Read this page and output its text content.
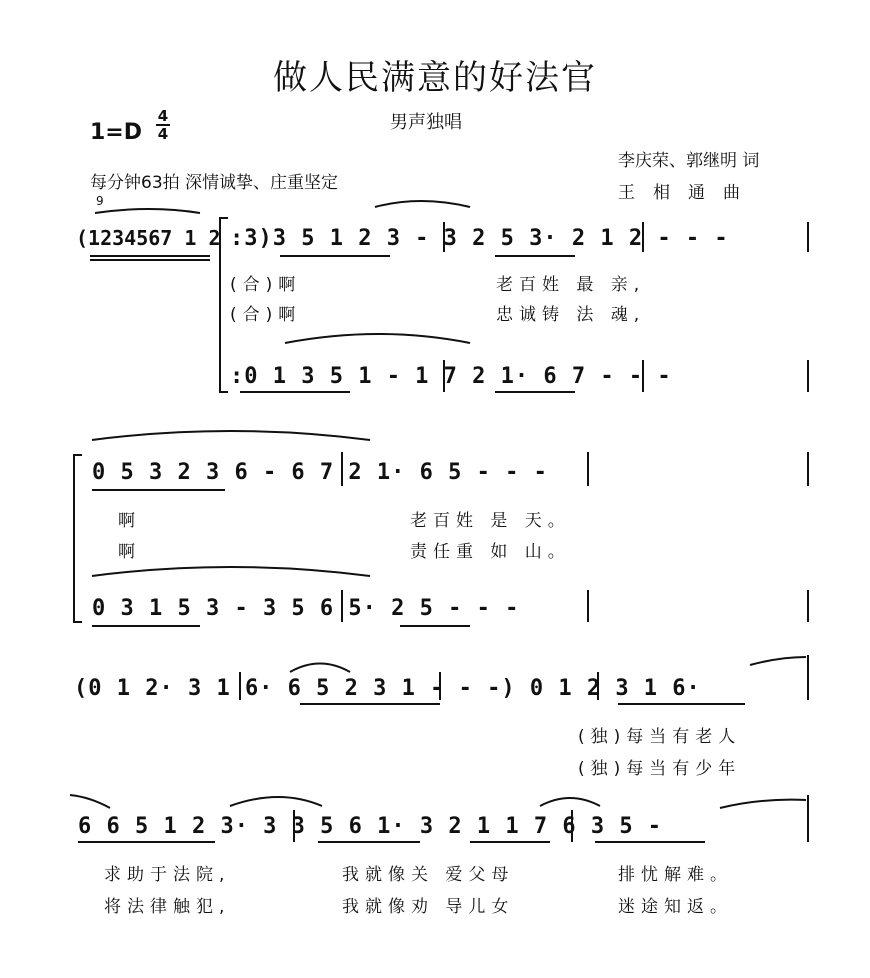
做人民满意的好法官
男声独唱
1=D
4
4
每分钟63拍 深情诚挚、庄重坚定
李庆荣、郭继明 词
王相通曲
9
(1234567 1 2 :3)3 5 1 2 3 - 3 2 5 3· 2 1 2 - - -
(合)啊	老百姓 最 亲,
(合)啊	忠诚铸 法 魂,
:0 1 3 5 1 - 1 7 2 1· 6 7 - - -
0 5 3 2 3 6 - 6 7 2 1· 6 5 - - -
啊	老百姓 是 天。
啊	责任重 如 山。
0 3 1 5 3 - 3 5 6 5· 2 5 - - -
(0 1 2· 3 1 6· 6 5 2 3 1 - - -) 0 1 2 3 1 6·
(独)每当有老人
(独)每当有少年
6 6 5 1 2 3· 3 3 5 6 1· 3 2 1 1 7 6 3 5 -
求助于法院,	我就像关 爱父母	排忧解难。
将法律触犯,	我就像劝 导儿女	迷途知返。
